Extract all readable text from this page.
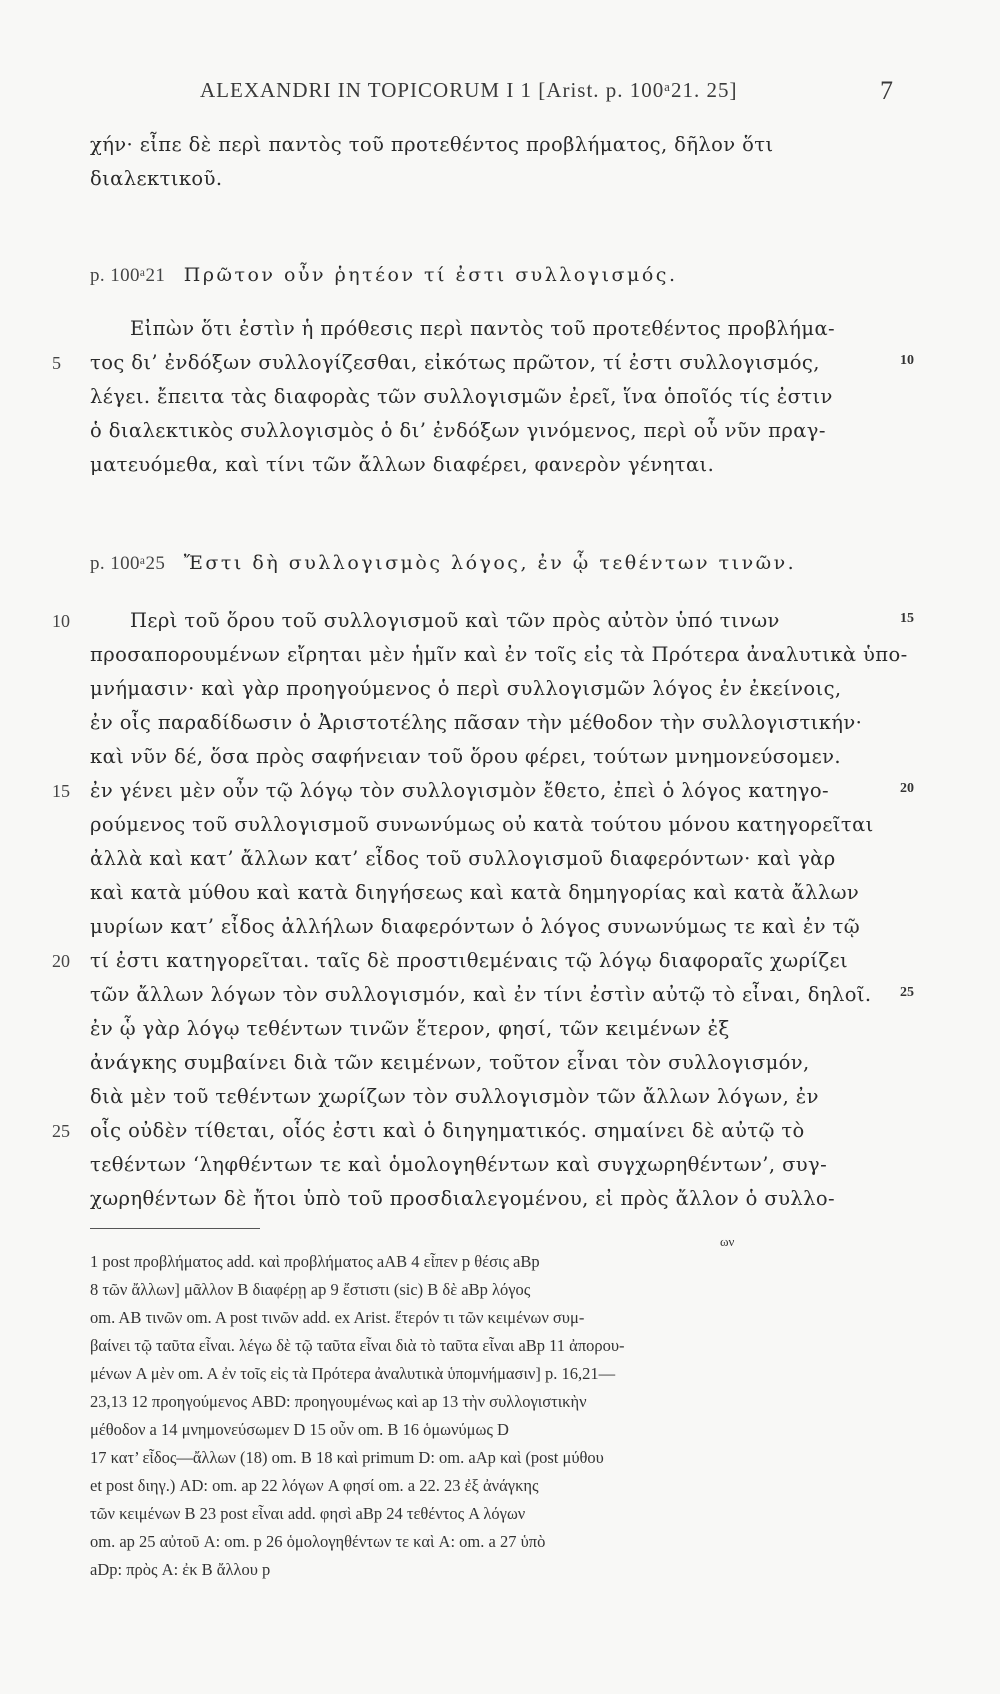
ALEXANDRI IN TOPICORUM I 1 [Arist. p. 100ᵃ21. 25]	7
χήν· εἶπε δὲ περὶ παντὸς τοῦ προτεθέντος προβλήματος, δῆλον ὅτι
διαλεκτικοῦ.
p. 100ᵃ21 Πρῶτον οὖν ῥητέον τί ἐστι συλλογισμός.
Εἰπὼν ὅτι ἐστὶν ἡ πρόθεσις περὶ παντὸς τοῦ προτεθέντος προβλήμα-
τος δι’ ἐνδόξων συλλογίζεσθαι, εἰκότως πρῶτον, τί ἐστι συλλογισμός,
λέγει. ἔπειτα τὰς διαφορὰς τῶν συλλογισμῶν ἐρεῖ, ἵνα ὁποῖός τίς ἐστιν
ὁ διαλεκτικὸς συλλογισμὸς ὁ δι’ ἐνδόξων γινόμενος, περὶ οὗ νῦν πραγ-
ματευόμεθα, καὶ τίνι τῶν ἄλλων διαφέρει, φανερὸν γένηται.
p. 100ᵃ25 Ἔστι δὴ συλλογισμὸς λόγος, ἐν ᾧ τεθέντων τινῶν.
Περὶ τοῦ ὅρου τοῦ συλλογισμοῦ καὶ τῶν πρὸς αὐτὸν ὑπό τινων
προσαπορουμένων εἴρηται μὲν ἡμῖν καὶ ἐν τοῖς εἰς τὰ Πρότερα ἀναλυτικὰ ὑπο-
μνήμασιν· καὶ γὰρ προηγούμενος ὁ περὶ συλλογισμῶν λόγος ἐν ἐκείνοις,
ἐν οἷς παραδίδωσιν ὁ Ἀριστοτέλης πᾶσαν τὴν μέθοδον τὴν συλλογιστικήν·
καὶ νῦν δέ, ὅσα πρὸς σαφήνειαν τοῦ ὅρου φέρει, τούτων μνημονεύσομεν.
ἐν γένει μὲν οὖν τῷ λόγῳ τὸν συλλογισμὸν ἔθετο, ἐπεὶ ὁ λόγος κατηγο-
ρούμενος τοῦ συλλογισμοῦ συνωνύμως οὐ κατὰ τούτου μόνου κατηγορεῖται
ἀλλὰ καὶ κατ’ ἄλλων κατ’ εἶδος τοῦ συλλογισμοῦ διαφερόντων· καὶ γὰρ
καὶ κατὰ μύθου καὶ κατὰ διηγήσεως καὶ κατὰ δημηγορίας καὶ κατὰ ἄλλων
μυρίων κατ’ εἶδος ἀλλήλων διαφερόντων ὁ λόγος συνωνύμως τε καὶ ἐν τῷ
τί ἐστι κατηγορεῖται. ταῖς δὲ προστιθεμέναις τῷ λόγῳ διαφοραῖς χωρίζει
τῶν ἄλλων λόγων τὸν συλλογισμόν, καὶ ἐν τίνι ἐστὶν αὐτῷ τὸ εἶναι, δηλοῖ.
ἐν ᾧ γὰρ λόγῳ τεθέντων τινῶν ἕτερον, φησί, τῶν κειμένων ἐξ
ἀνάγκης συμβαίνει διὰ τῶν κειμένων, τοῦτον εἶναι τὸν συλλογισμόν,
διὰ μὲν τοῦ τεθέντων χωρίζων τὸν συλλογισμὸν τῶν ἄλλων λόγων, ἐν
οἷς οὐδὲν τίθεται, οἷός ἐστι καὶ ὁ διηγηματικός. σημαίνει δὲ αὐτῷ τὸ
τεθέντων ‘ληφθέντων τε καὶ ὁμολογηθέντων καὶ συγχωρηθέντων’, συγ-
χωρηθέντων δὲ ἤτοι ὑπὸ τοῦ προσδιαλεγομένου, εἰ πρὸς ἄλλον ὁ συλλο-
5
10
15
20
25
10
15
20
25
ων
1 post προβλήματος add. καὶ προβλήματος aAB 4 εἶπεν p θέσις aBp
8 τῶν ἄλλων] μᾶλλον B διαφέρῃ ap 9 ἔστιστι (sic) B δὲ aBp λόγος
om. AB τινῶν om. A post τινῶν add. ex Arist. ἕτερόν τι τῶν κειμένων συμ-
βαίνει τῷ ταῦτα εἶναι. λέγω δὲ τῷ ταῦτα εἶναι διὰ τὸ ταῦτα εἶναι aBp 11 ἀπορου-
μένων A μὲν om. A ἐν τοῖς εἰς τὰ Πρότερα ἀναλυτικὰ ὑπομνήμασιν] p. 16,21—
23,13 12 προηγούμενος ABD: προηγουμένως καὶ ap 13 τὴν συλλογιστικὴν
μέθοδον a 14 μνημονεύσωμεν D 15 οὖν om. B 16 ὁμωνύμως D
17 κατ’ εἶδος—ἄλλων (18) om. B 18 καὶ primum D: om. aAp καὶ (post μύθου
et post διηγ.) AD: om. ap 22 λόγων A φησί om. a 22. 23 ἐξ ἀνάγκης
τῶν κειμένων B 23 post εἶναι add. φησὶ aBp 24 τεθέντος A λόγων
om. ap 25 αὐτοῦ A: om. p 26 ὁμολογηθέντων τε καὶ A: om. a 27 ὑπὸ
aDp: πρὸς A: ἐκ B ἄλλου p
